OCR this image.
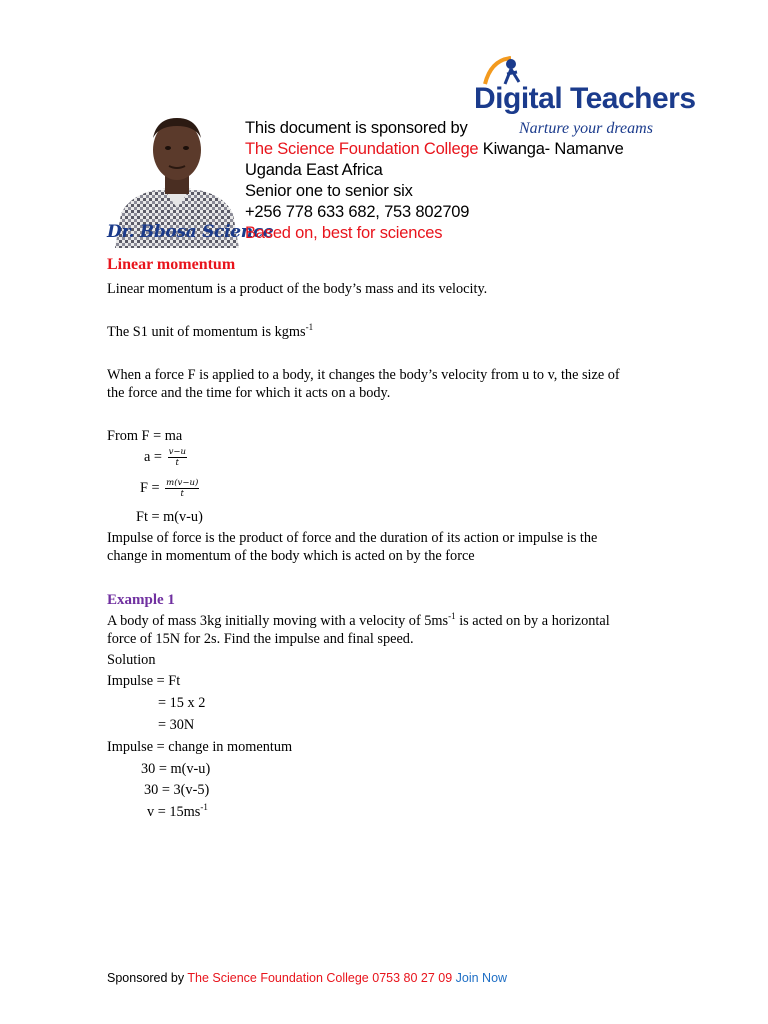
Dr. Bbosa Science
This document is sponsored by
The Science Foundation College Kiwanga- Namanve
Uganda East Africa
Senior one to senior six
+256 778 633 682, 753 802709
Based on, best for sciences
Digital Teachers
Narture your dreams
Linear momentum
Linear momentum is a product of the body’s mass and its velocity.
The S1 unit of momentum is kgms$^{-1}$
When a force F is applied to a body, it changes the body’s velocity from u to v, the size of
the force and the time for which it acts on a body.
From F = ma
$a = \frac{v-u}{t}$
$F = \frac{m(v-u)}{t}$
Ft = m(v-u)
Impulse of force is the product of force and the duration of its action or impulse is the
change in momentum of the body which is acted on by the force
Example 1
A body of mass 3kg initially moving with a velocity of $5ms^{-1}$ is acted on by a horizontal
force of 15N for 2s. Find the impulse and final speed.
Solution
Impulse = Ft
= 15 x 2
= 30N
Impulse = change in momentum
30 = m(v-u)
30 = 3(v-5)
$v = 15ms^{-1}$
Sponsored by The Science Foundation College 0753 80 27 09 Join Now
